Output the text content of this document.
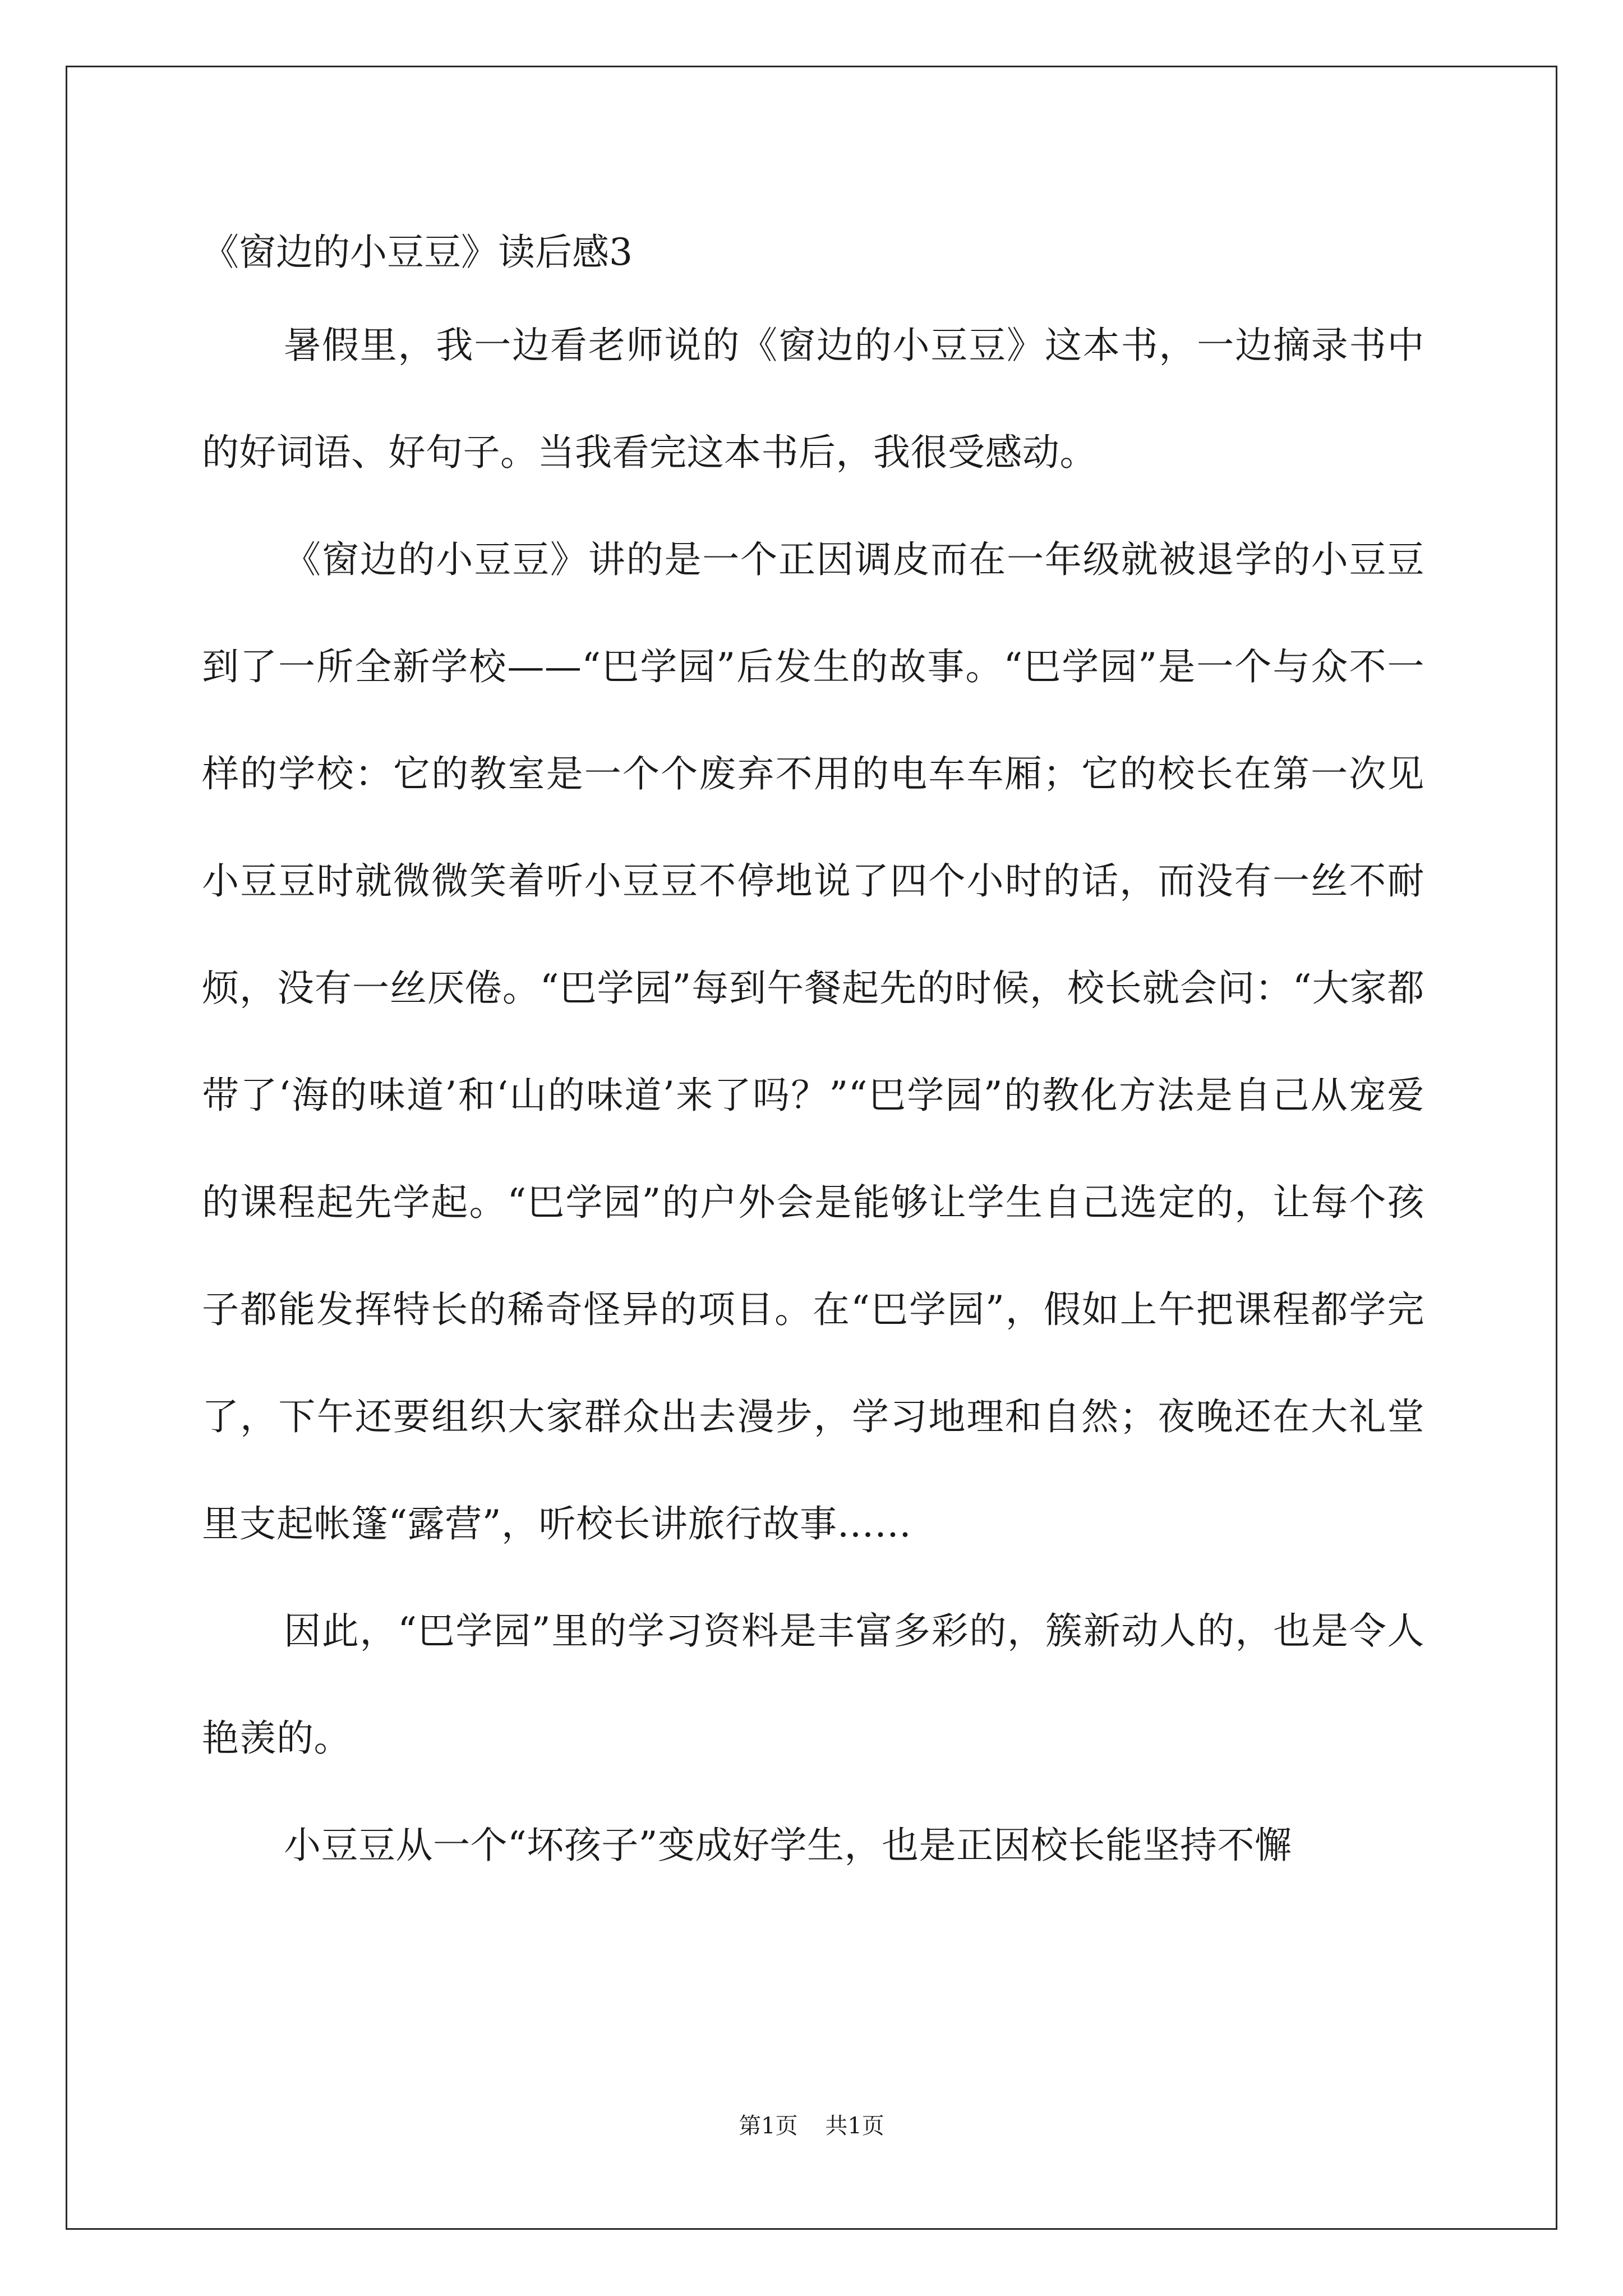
《窗边的小豆豆》读后感3

暑假里，我一边看老师说的《窗边的小豆豆》这本书，一边摘录书中的好词语、好句子。当我看完这本书后，我很受感动。

《窗边的小豆豆》讲的是一个正因调皮而在一年级就被退学的小豆豆到了一所全新学校——“巴学园”后发生的故事。“巴学园”是一个与众不一样的学校：它的教室是一个个废弃不用的电车车厢；它的校长在第一次见小豆豆时就微微笑着听小豆豆不停地说了四个小时的话，而没有一丝不耐烦，没有一丝厌倦。“巴学园”每到午餐起先的时候，校长就会问：“大家都带了‘海的味道’和‘山的味道’来了吗？”“巴学园”的教化方法是自己从宠爱的课程起先学起。“巴学园”的户外会是能够让学生自己选定的，让每个孩子都能发挥特长的稀奇怪异的项目。在“巴学园”，假如上午把课程都学完了，下午还要组织大家群众出去漫步，学习地理和自然；夜晚还在大礼堂里支起帐篷“露营”，听校长讲旅行故事……

因此，“巴学园”里的学习资料是丰富多彩的，簇新动人的，也是令人艳羡的。

小豆豆从一个“坏孩子”变成好学生，也是正因校长能坚持不懈

第1页 共1页
